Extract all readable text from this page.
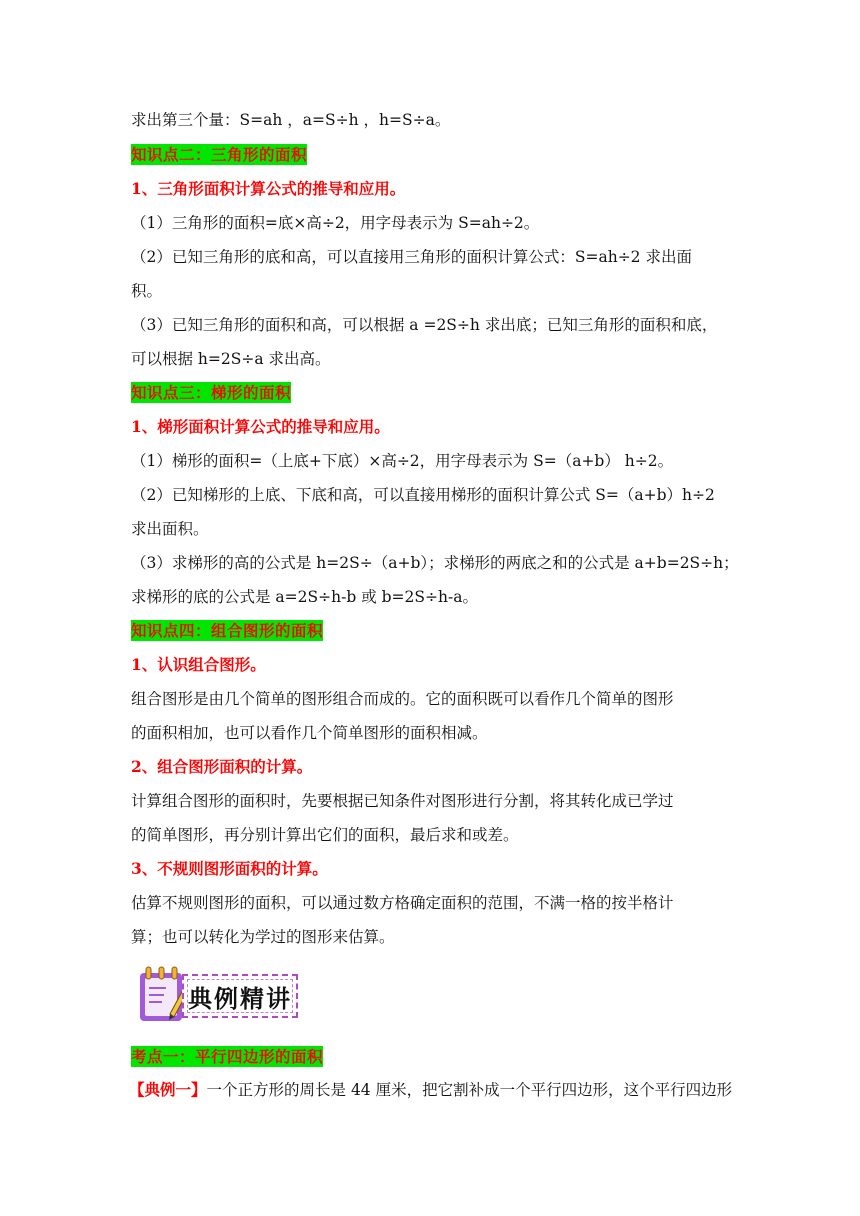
求出第三个量：S=ah ，a=S÷h ，h=S÷a。
知识点二：三角形的面积
1、三角形面积计算公式的推导和应用。
（1）三角形的面积=底×高÷2，用字母表示为 S=ah÷2。
（2）已知三角形的底和高，可以直接用三角形的面积计算公式：S=ah÷2 求出面
积。
（3）已知三角形的面积和高，可以根据 a =2S÷h 求出底；已知三角形的面积和底，
可以根据 h=2S÷a 求出高。
知识点三：梯形的面积
1、梯形面积计算公式的推导和应用。
（1）梯形的面积=（上底+下底）×高÷2，用字母表示为 S=（a+b） h÷2。
（2）已知梯形的上底、下底和高，可以直接用梯形的面积计算公式 S=（a+b）h÷2
求出面积。
（3）求梯形的高的公式是 h=2S÷（a+b）；求梯形的两底之和的公式是 a+b=2S÷h；
求梯形的底的公式是 a=2S÷h-b 或 b=2S÷h-a。
知识点四：组合图形的面积
1、认识组合图形。
组合图形是由几个简单的图形组合而成的。它的面积既可以看作几个简单的图形
的面积相加，也可以看作几个简单图形的面积相减。
2、组合图形面积的计算。
计算组合图形的面积时，先要根据已知条件对图形进行分割，将其转化成已学过
的简单图形，再分别计算出它们的面积，最后求和或差。
3、不规则图形面积的计算。
估算不规则图形的面积，可以通过数方格确定面积的范围，不满一格的按半格计
算；也可以转化为学过的图形来估算。
典例精讲
考点一：平行四边形的面积
【典例一】一个正方形的周长是 44 厘米，把它割补成一个平行四边形，这个平行四边形
